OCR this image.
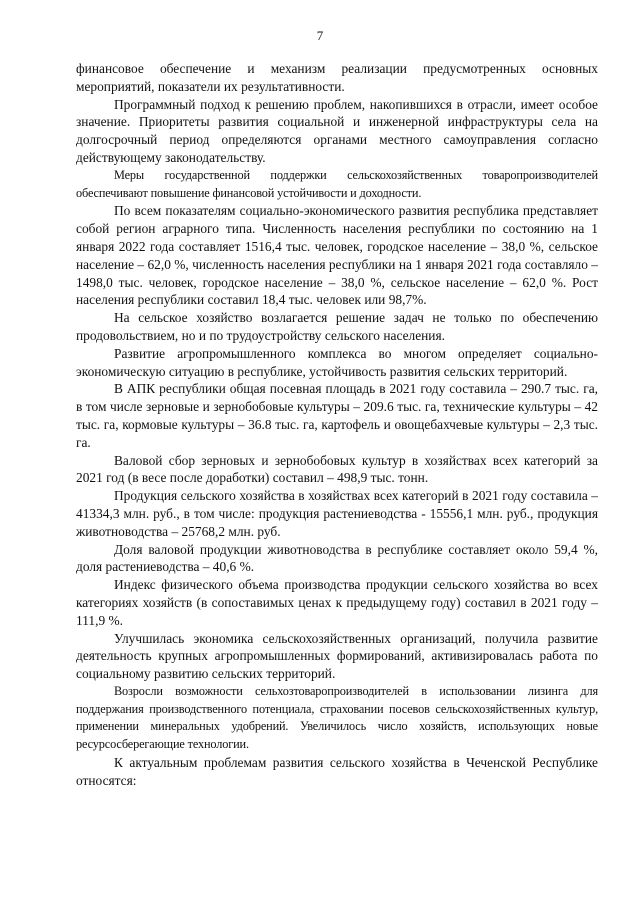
7

финансовое обеспечение и механизм реализации предусмотренных основных мероприятий, показатели их результативности.

Программный подход к решению проблем, накопившихся в отрасли, имеет особое значение. Приоритеты развития социальной и инженерной инфраструктуры села на долгосрочный период определяются органами местного самоуправления согласно действующему законодательству.

Меры государственной поддержки сельскохозяйственных товаропроизводителей обеспечивают повышение финансовой устойчивости и доходности.

По всем показателям социально-экономического развития республика представляет собой регион аграрного типа. Численность населения республики по состоянию на 1 января 2022 года составляет 1516,4 тыс. человек, городское население – 38,0 %, сельское население – 62,0 %, численность населения республики на 1 января 2021 года составляло – 1498,0 тыс. человек, городское население – 38,0 %, сельское население – 62,0 %. Рост населения республики составил 18,4 тыс. человек или 98,7%.

На сельское хозяйство возлагается решение задач не только по обеспечению продовольствием, но и по трудоустройству сельского населения.

Развитие агропромышленного комплекса во многом определяет социально-экономическую ситуацию в республике, устойчивость развития сельских территорий.

В АПК республики общая посевная площадь в 2021 году составила – 290.7 тыс. га, в том числе зерновые и зернобобовые культуры – 209.6 тыс. га, технические культуры – 42 тыс. га, кормовые культуры – 36.8 тыс. га, картофель и овощебахчевые культуры – 2,3 тыс. га.

Валовой сбор зерновых и зернобобовых культур в хозяйствах всех категорий за 2021 год (в весе после доработки) составил – 498,9 тыс. тонн.

Продукция сельского хозяйства в хозяйствах всех категорий в 2021 году составила – 41334,3 млн. руб., в том числе: продукция растениеводства - 15556,1 млн. руб., продукция животноводства – 25768,2 млн. руб.

Доля валовой продукции животноводства в республике составляет около 59,4 %, доля растениеводства – 40,6 %.

Индекс физического объема производства продукции сельского хозяйства во всех категориях хозяйств (в сопоставимых ценах к предыдущему году) составил в 2021 году – 111,9 %.

Улучшилась экономика сельскохозяйственных организаций, получила развитие деятельность крупных агропромышленных формирований, активизировалась работа по социальному развитию сельских территорий.

Возросли возможности сельхозтоваропроизводителей в использовании лизинга для поддержания производственного потенциала, страховании посевов сельскохозяйственных культур, применении минеральных удобрений. Увеличилось число хозяйств, использующих новые ресурсосберегающие технологии.

К актуальным проблемам развития сельского хозяйства в Чеченской Республике относятся:
